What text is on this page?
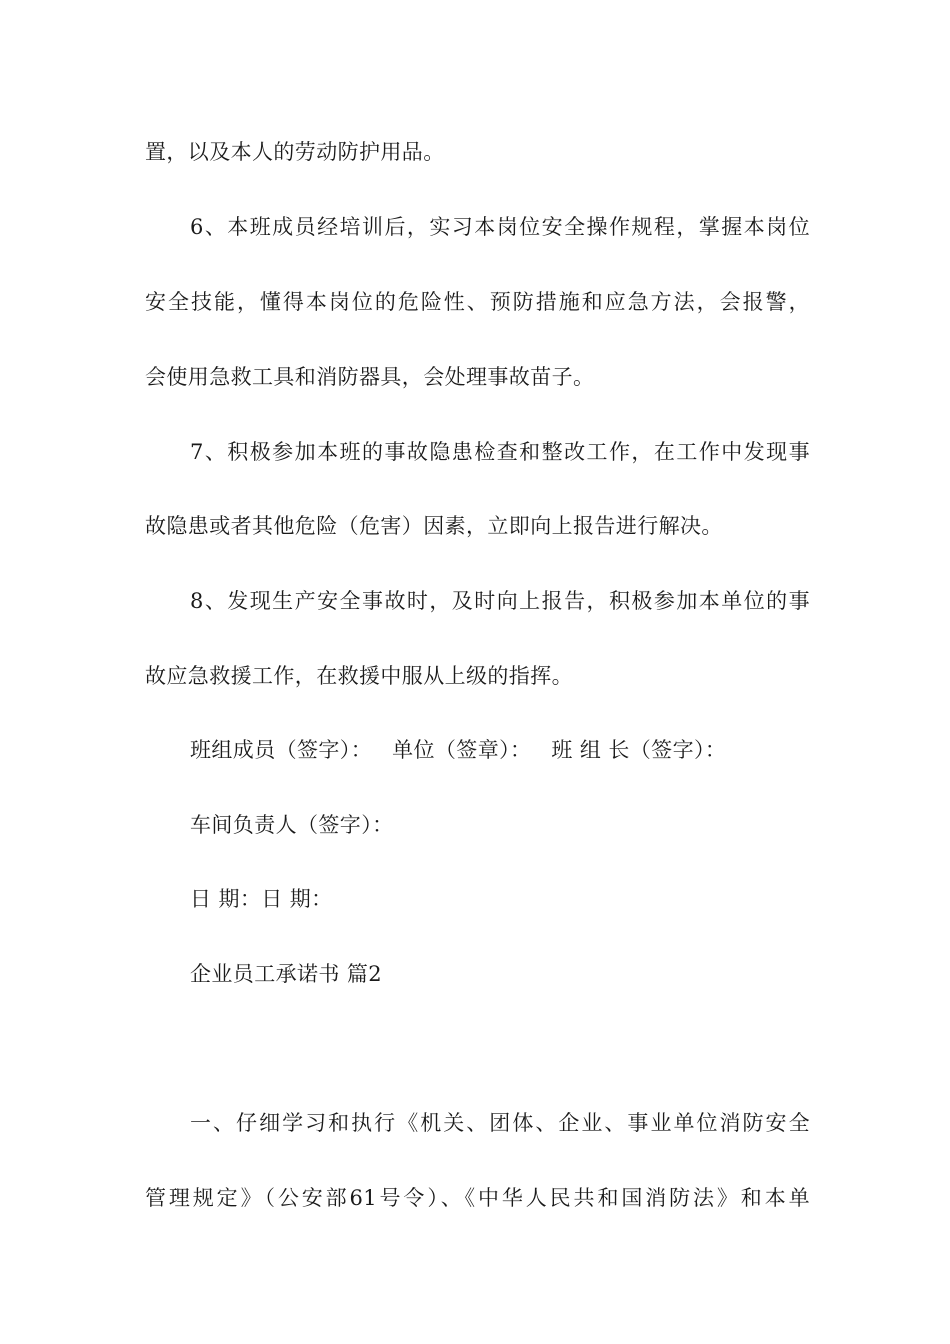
置，以及本人的劳动防护用品。
6、本班成员经培训后，实习本岗位安全操作规程，掌握本岗位
安全技能，懂得本岗位的危险性、预防措施和应急方法，会报警，
会使用急救工具和消防器具，会处理事故苗子。
7、积极参加本班的事故隐患检查和整改工作，在工作中发现事
故隐患或者其他危险（危害）因素，立即向上报告进行解决。
8、发现生产安全事故时，及时向上报告，积极参加本单位的事
故应急救援工作，在救援中服从上级的指挥。
班组成员（签字）： 单位（签章）： 班 组 长（签字）：
车间负责人（签字）：
日 期：日 期：
企业员工承诺书 篇2
一、仔细学习和执行《机关、团体、企业、事业单位消防安全
管理规定》（公安部61号令）、《中华人民共和国消防法》和本单
